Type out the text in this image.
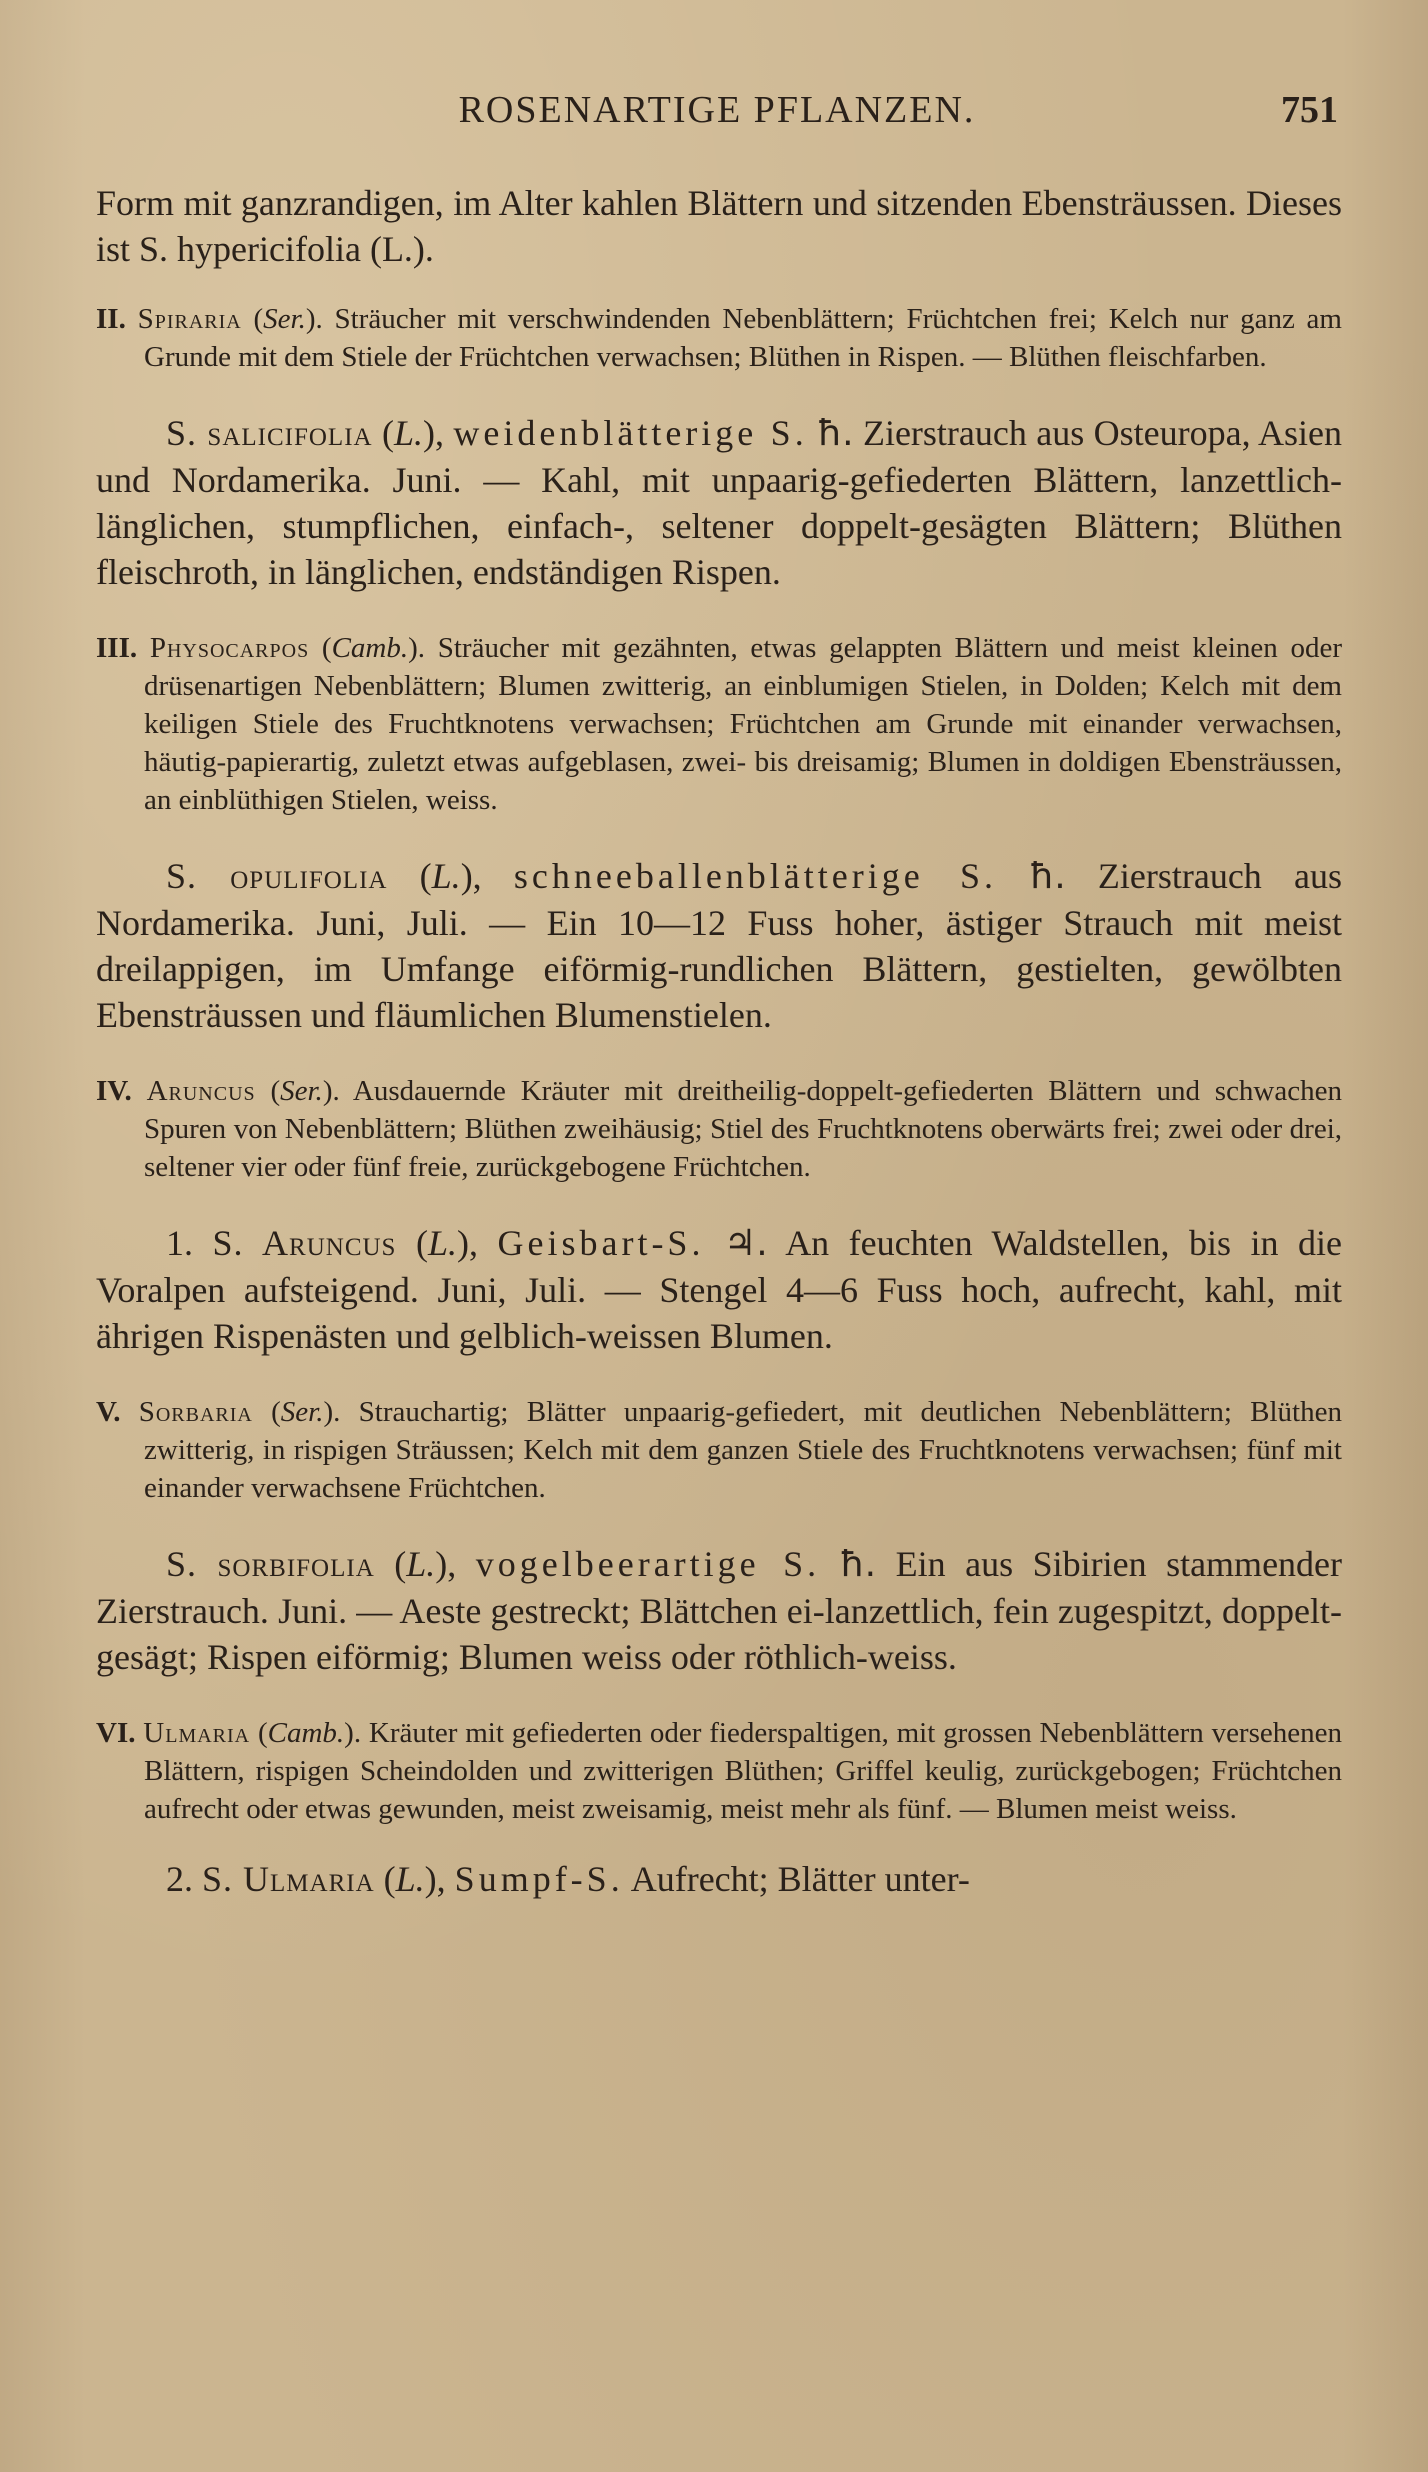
ROSENARTIGE PFLANZEN.	751

Form mit ganzrandigen, im Alter kahlen Blättern und sitzenden Ebensträussen. Dieses ist S. hypericifolia (L.).

II. Spiraria (Ser.). Sträucher mit verschwindenden Nebenblättern; Früchtchen frei; Kelch nur ganz am Grunde mit dem Stiele der Früchtchen verwachsen; Blüthen in Rispen. — Blüthen fleischfarben.

S. salicifolia (L.), weidenblätterige S. ħ. Zierstrauch aus Osteuropa, Asien und Nordamerika. Juni. — Kahl, mit unpaarig-gefiederten Blättern, lanzettlich-länglichen, stumpflichen, einfach-, seltener doppelt-gesägten Blättern; Blüthen fleischroth, in länglichen, endständigen Rispen.

III. Physocarpos (Camb.). Sträucher mit gezähnten, etwas gelappten Blättern und meist kleinen oder drüsenartigen Nebenblättern; Blumen zwitterig, an einblumigen Stielen, in Dolden; Kelch mit dem keiligen Stiele des Fruchtknotens verwachsen; Früchtchen am Grunde mit einander verwachsen, häutig-papierartig, zuletzt etwas aufgeblasen, zwei- bis dreisamig; Blumen in doldigen Ebensträussen, an einblüthigen Stielen, weiss.

S. opulifolia (L.), schneeballenblätterige S. ħ. Zierstrauch aus Nordamerika. Juni, Juli. — Ein 10—12 Fuss hoher, ästiger Strauch mit meist dreilappigen, im Umfange eiförmig-rundlichen Blättern, gestielten, gewölbten Ebensträussen und fläumlichen Blumenstielen.

IV. Aruncus (Ser.). Ausdauernde Kräuter mit dreitheilig-doppelt-gefiederten Blättern und schwachen Spuren von Nebenblättern; Blüthen zweihäusig; Stiel des Fruchtknotens oberwärts frei; zwei oder drei, seltener vier oder fünf freie, zurückgebogene Früchtchen.

1. S. Aruncus (L.), Geisbart-S. ♃. An feuchten Waldstellen, bis in die Voralpen aufsteigend. Juni, Juli. — Stengel 4—6 Fuss hoch, aufrecht, kahl, mit ährigen Rispenästen und gelblich-weissen Blumen.

V. Sorbaria (Ser.). Strauchartig; Blätter unpaarig-gefiedert, mit deutlichen Nebenblättern; Blüthen zwitterig, in rispigen Sträussen; Kelch mit dem ganzen Stiele des Fruchtknotens verwachsen; fünf mit einander verwachsene Früchtchen.

S. sorbifolia (L.), vogelbeerartige S. ħ. Ein aus Sibirien stammender Zierstrauch. Juni. — Aeste gestreckt; Blättchen ei-lanzettlich, fein zugespitzt, doppelt-gesägt; Rispen eiförmig; Blumen weiss oder röthlich-weiss.

VI. Ulmaria (Camb.). Kräuter mit gefiederten oder fiederspaltigen, mit grossen Nebenblättern versehenen Blättern, rispigen Scheindolden und zwitterigen Blüthen; Griffel keulig, zurückgebogen; Früchtchen aufrecht oder etwas gewunden, meist zweisamig, meist mehr als fünf. — Blumen meist weiss.

2. S. Ulmaria (L.), Sumpf-S. Aufrecht; Blätter unter-
